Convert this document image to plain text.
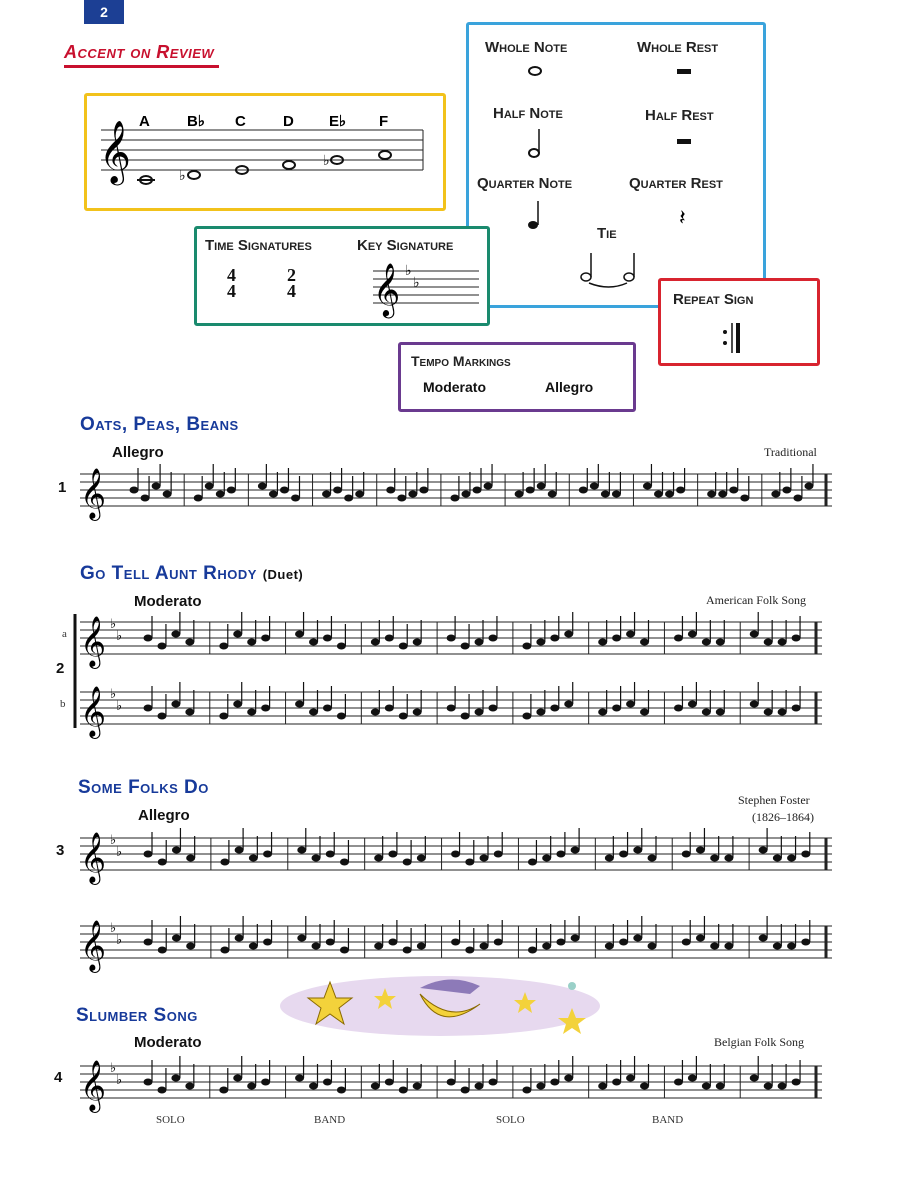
2
Accent on Review
𝄞 A B♭ C D E♭ F
♭
♭
Whole Note	Whole Rest
Half Note	Half Rest
Quarter Note	Quarter Rest
Tie
𝄽
Time Signatures	Key Signature
4
4
2
4 𝄞 ♭
♭
Repeat Sign
Tempo Markings
Moderato	Allegro
Oats, Peas, Beans
Allegro	Traditional
1 𝄞
Go Tell Aunt Rhody (Duet)
Moderato	American Folk Song
2
a
b
𝄞 ♭
♭
𝄞 ♭
♭
Some Folks Do
Allegro
Stephen Foster
(1826–1864)
3 𝄞 ♭
♭
𝄞 ♭
♭
Slumber Song
Moderato	Belgian Folk Song
4 𝄞 ♭
♭
SOLO	BAND	SOLO	BAND
